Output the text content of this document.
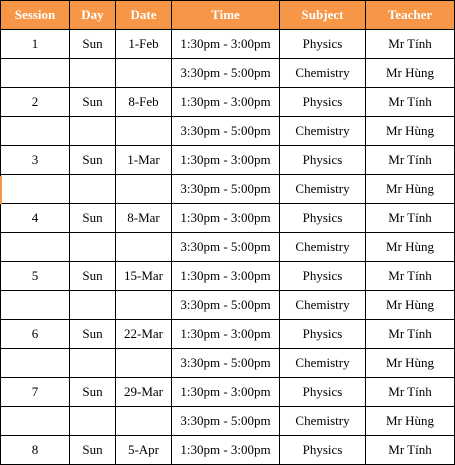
Session	Day	Date	Time	Subject	Teacher
1	Sun	1-Feb	1:30pm - 3:00pm	Physics	Mr Tính
			3:30pm - 5:00pm	Chemistry	Mr Hùng
2	Sun	8-Feb	1:30pm - 3:00pm	Physics	Mr Tính
			3:30pm - 5:00pm	Chemistry	Mr Hùng
3	Sun	1-Mar	1:30pm - 3:00pm	Physics	Mr Tính
			3:30pm - 5:00pm	Chemistry	Mr Hùng
4	Sun	8-Mar	1:30pm - 3:00pm	Physics	Mr Tính
			3:30pm - 5:00pm	Chemistry	Mr Hùng
5	Sun	15-Mar	1:30pm - 3:00pm	Physics	Mr Tính
			3:30pm - 5:00pm	Chemistry	Mr Hùng
6	Sun	22-Mar	1:30pm - 3:00pm	Physics	Mr Tính
			3:30pm - 5:00pm	Chemistry	Mr Hùng
7	Sun	29-Mar	1:30pm - 3:00pm	Physics	Mr Tính
			3:30pm - 5:00pm	Chemistry	Mr Hùng
8	Sun	5-Apr	1:30pm - 3:00pm	Physics	Mr Tính
